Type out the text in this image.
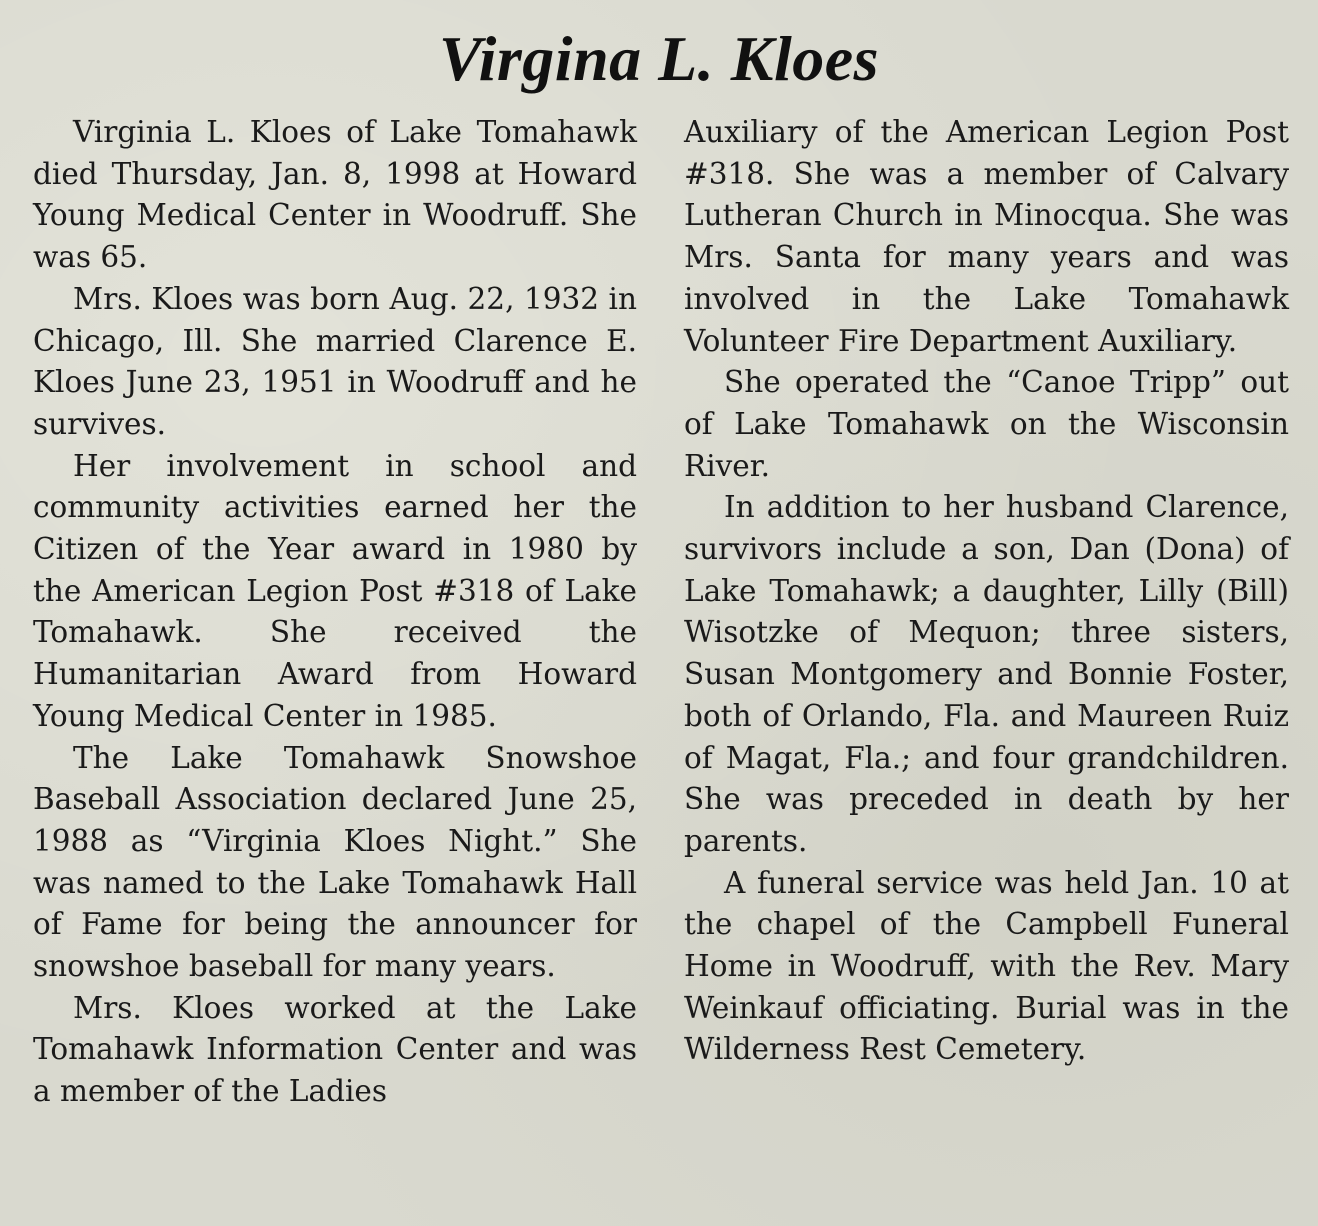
Virgina L. Kloes

Virginia L. Kloes of Lake Tomahawk died Thursday, Jan. 8, 1998 at Howard Young Medical Center in Woodruff. She was 65.

Mrs. Kloes was born Aug. 22, 1932 in Chicago, Ill. She married Clarence E. Kloes June 23, 1951 in Woodruff and he survives.

Her involvement in school and community activities earned her the Citizen of the Year award in 1980 by the American Legion Post #318 of Lake Tomahawk. She received the Humanitarian Award from Howard Young Medical Center in 1985.

The Lake Tomahawk Snowshoe Baseball Association declared June 25, 1988 as “Virginia Kloes Night.” She was named to the Lake Tomahawk Hall of Fame for being the announcer for snowshoe baseball for many years.

Mrs. Kloes worked at the Lake Tomahawk Information Center and was a member of the Ladies

Auxiliary of the American Legion Post #318. She was a member of Calvary Lutheran Church in Minocqua. She was Mrs. Santa for many years and was involved in the Lake Tomahawk Volunteer Fire Department Auxiliary.

She operated the “Canoe Tripp” out of Lake Tomahawk on the Wisconsin River.

In addition to her husband Clarence, survivors include a son, Dan (Dona) of Lake Tomahawk; a daughter, Lilly (Bill) Wisotzke of Mequon; three sisters, Susan Montgomery and Bonnie Foster, both of Orlando, Fla. and Maureen Ruiz of Magat, Fla.; and four grandchildren. She was preceded in death by her parents.

A funeral service was held Jan. 10 at the chapel of the Campbell Funeral Home in Woodruff, with the Rev. Mary Weinkauf officiating. Burial was in the Wilderness Rest Cemetery.
